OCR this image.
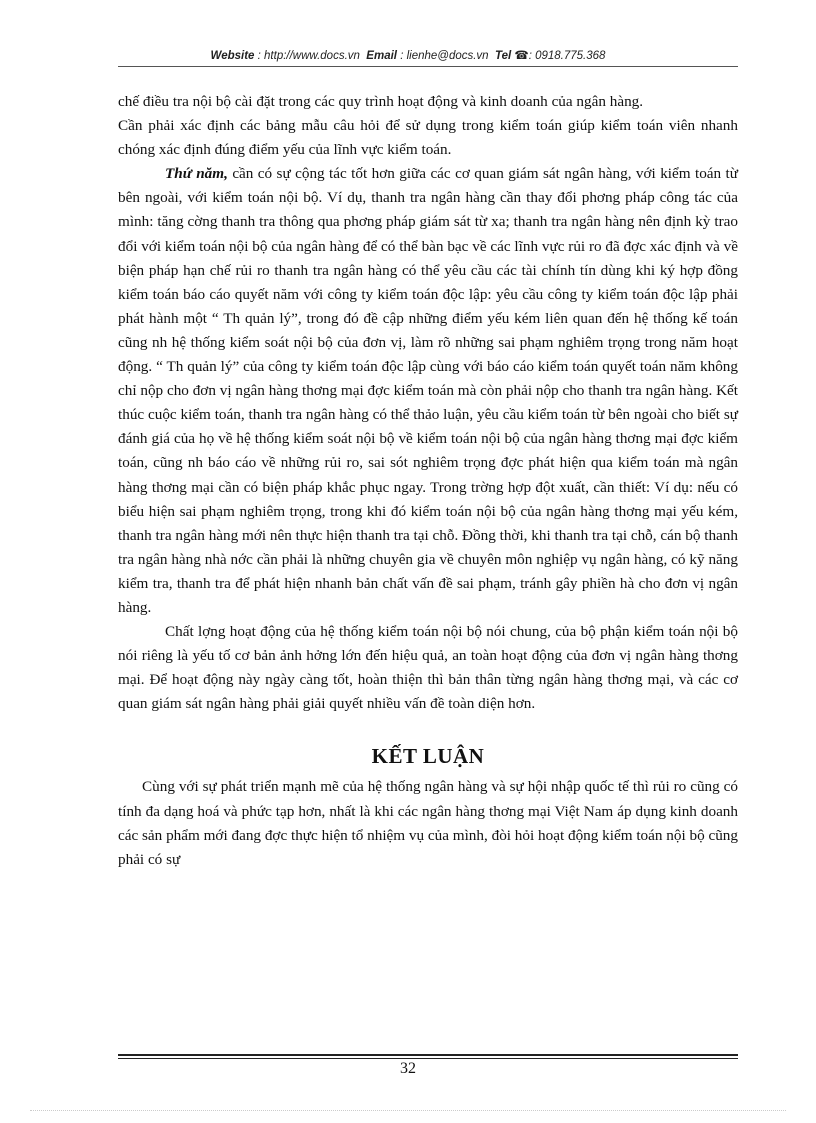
Website : http://www.docs.vn Email : lienhe@docs.vn Tel ☎: 0918.775.368

chế điều tra nội bộ cài đặt trong các quy trình hoạt động và kinh doanh của ngân hàng.

Cần phải xác định các bảng mẫu câu hỏi để sử dụng trong kiểm toán giúp kiểm toán viên nhanh chóng xác định đúng điểm yếu của lĩnh vực kiểm toán.

Thứ năm, cần có sự cộng tác tốt hơn giữa các cơ quan giám sát ngân hàng, với kiểm toán từ bên ngoài, với kiểm toán nội bộ. Ví dụ, thanh tra ngân hàng cần thay đổi phơng pháp công tác của mình: tăng cờng thanh tra thông qua phơng pháp giám sát từ xa; thanh tra ngân hàng nên định kỳ trao đổi với kiểm toán nội bộ của ngân hàng để có thể bàn bạc về các lĩnh vực rủi ro đã đợc xác định và về biện pháp hạn chế rủi ro thanh tra ngân hàng có thể yêu cầu các tài chính tín dùng khi ký hợp đồng kiểm toán báo cáo quyết năm với công ty kiểm toán độc lập: yêu cầu công ty kiểm toán độc lập phải phát hành một “ Th quản lý”, trong đó đề cập những điểm yếu kém liên quan đến hệ thống kế toán cũng nh hệ thống kiểm soát nội bộ của đơn vị, làm rõ những sai phạm nghiêm trọng trong năm hoạt động. “ Th quản lý” của công ty kiểm toán độc lập cùng với báo cáo kiểm toán quyết toán năm không chỉ nộp cho đơn vị ngân hàng thơng mại đợc kiểm toán mà còn phải nộp cho thanh tra ngân hàng. Kết thúc cuộc kiểm toán, thanh tra ngân hàng có thể thảo luận, yêu cầu kiểm toán từ bên ngoài cho biết sự đánh giá của họ về hệ thống kiểm soát nội bộ về kiểm toán nội bộ của ngân hàng thơng mại đợc kiểm toán, cũng nh báo cáo về những rủi ro, sai sót nghiêm trọng đợc phát hiện qua kiểm toán mà ngân hàng thơng mại cần có biện pháp khắc phục ngay. Trong trờng hợp đột xuất, cần thiết: Ví dụ: nếu có biểu hiện sai phạm nghiêm trọng, trong khi đó kiểm toán nội bộ của ngân hàng thơng mại yếu kém, thanh tra ngân hàng mới nên thực hiện thanh tra tại chỗ. Đồng thời, khi thanh tra tại chỗ, cán bộ thanh tra ngân hàng nhà nớc cần phải là những chuyên gia về chuyên môn nghiệp vụ ngân hàng, có kỹ năng kiểm tra, thanh tra để phát hiện nhanh bản chất vấn đề sai phạm, tránh gây phiền hà cho đơn vị ngân hàng.

Chất lợng hoạt động của hệ thống kiểm toán nội bộ nói chung, của bộ phận kiểm toán nội bộ nói riêng là yếu tố cơ bản ảnh hởng lớn đến hiệu quả, an toàn hoạt động của đơn vị ngân hàng thơng mại. Để hoạt động này ngày càng tốt, hoàn thiện thì bản thân từng ngân hàng thơng mại, và các cơ quan giám sát ngân hàng phải giải quyết nhiều vấn đề toàn diện hơn.

KẾT LUẬN

Cùng với sự phát triển mạnh mẽ của hệ thống ngân hàng và sự hội nhập quốc tế thì rủi ro cũng có tính đa dạng hoá và phức tạp hơn, nhất là khi các ngân hàng thơng mại Việt Nam áp dụng kinh doanh các sản phẩm mới đang đợc thực hiện tổ nhiệm vụ của mình, đòi hỏi hoạt động kiểm toán nội bộ cũng phải có sự

32
